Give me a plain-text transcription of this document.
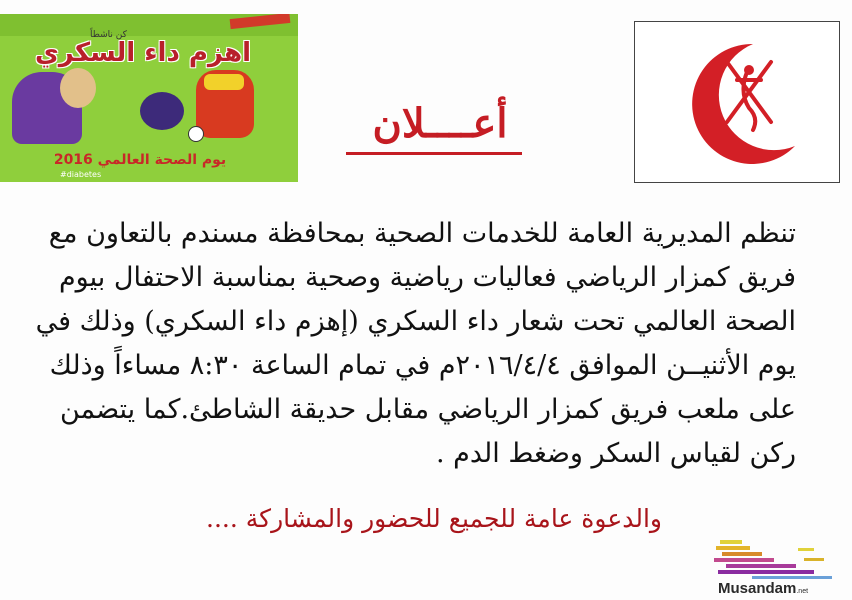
كن ناشطاً
اهزم داء السكري
يوم الصحة العالمي 2016
#diabetes
أعــــلان
تنظم المديرية العامة للخدمات الصحية بمحافظة مسندم بالتعاون مع
فريق كمزار الرياضي فعاليات رياضية وصحية بمناسبة الاحتفال بيوم
الصحة العالمي تحت شعار داء السكري (إهزم داء السكري) وذلك في
يوم الأثنيــن الموافق ٢٠١٦/٤/٤م في تمام الساعة ٨:٣٠ مساءاً وذلك
على ملعب فريق كمزار الرياضي مقابل حديقة الشاطئ.كما يتضمن
ركن لقياس السكر وضغط الدم .
والدعوة عامة للجميع للحضور والمشاركة ....
Musandam.net
